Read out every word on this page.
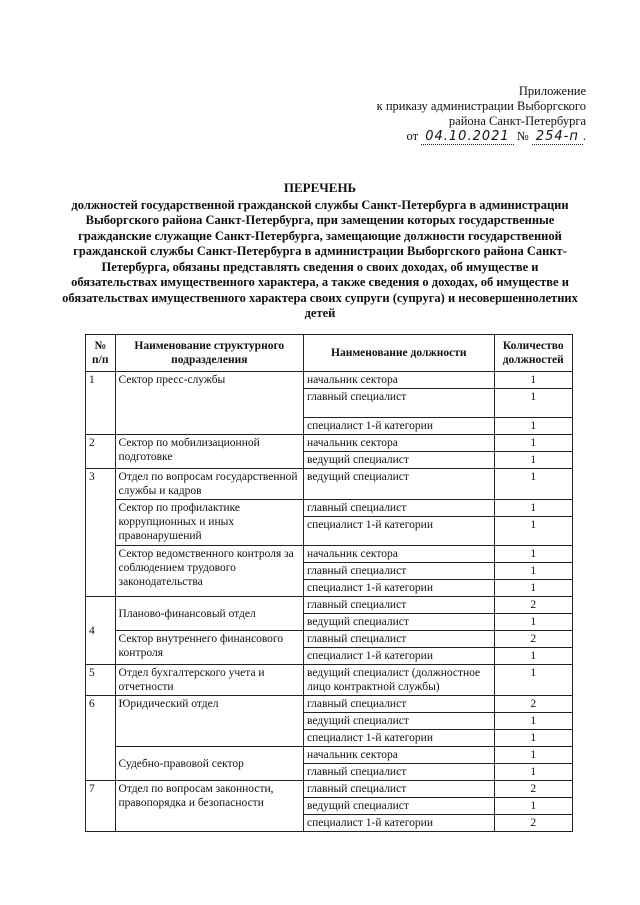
Приложение
к приказу администрации Выборгского
района Санкт-Петербурга
от 04.10.2021 № 254-п .
ПЕРЕЧЕНЬ
должностей государственной гражданской службы Санкт-Петербурга в администрации Выборгского района Санкт-Петербурга, при замещении которых государственные гражданские служащие Санкт-Петербурга, замещающие должности государственной гражданской службы Санкт-Петербурга в администрации Выборгского района Санкт-Петербурга, обязаны представлять сведения о своих доходах, об имуществе и обязательствах имущественного характера, а также сведения о доходах, об имуществе и обязательствах имущественного характера своих супруги (супруга) и несовершеннолетних детей
№ п/п	Наименование структурного подразделения	Наименование должности	Количество должностей
1	Сектор пресс-службы	начальник сектора	1
		главный специалист	1
		специалист 1-й категории	1
2	Сектор по мобилизационной подготовке	начальник сектора	1
		ведущий специалист	1
3	Отдел по вопросам государственной службы и кадров	ведущий специалист	1
	Сектор по профилактике коррупционных и иных правонарушений	главный специалист	1
		специалист 1-й категории	1
	Сектор ведомственного контроля за соблюдением трудового законодательства	начальник сектора	1
		главный специалист	1
		специалист 1-й категории	1
4	Планово-финансовый отдел	главный специалист	2
		ведущий специалист	1
	Сектор внутреннего финансового контроля	главный специалист	2
		специалист 1-й категории	1
5	Отдел бухгалтерского учета и отчетности	ведущий специалист (должностное лицо контрактной службы)	1
6	Юридический отдел	главный специалист	2
		ведущий специалист	1
		специалист 1-й категории	1
	Судебно-правовой сектор	начальник сектора	1
		главный специалист	1
7	Отдел по вопросам законности, правопорядка и безопасности	главный специалист	2
		ведущий специалист	1
		специалист 1-й категории	2
